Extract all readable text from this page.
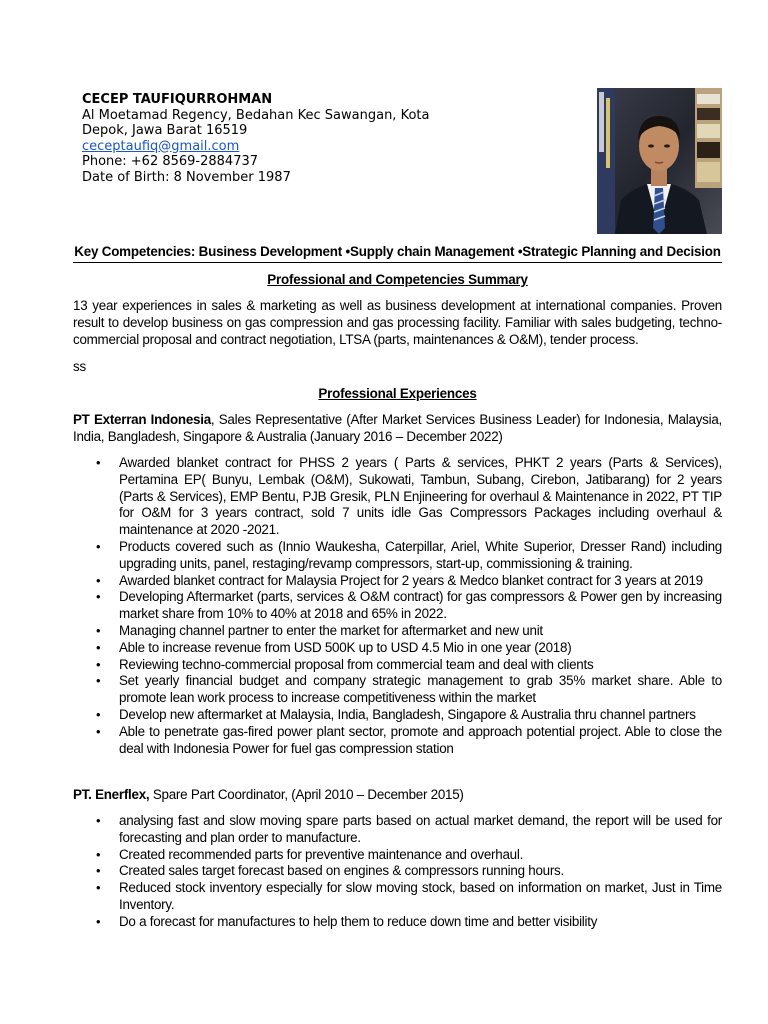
CECEP TAUFIQURROHMAN
Al Moetamad Regency, Bedahan Kec Sawangan, Kota
Depok, Jawa Barat 16519
ceceptaufiq@gmail.com
Phone: +62 8569-2884737
Date of Birth: 8 November 1987
Key Competencies: Business Development •Supply chain Management •Strategic Planning and Decision
Professional and Competencies Summary
13 year experiences in sales & marketing as well as business development at international companies. Proven result to develop business on gas compression and gas processing facility. Familiar with sales budgeting, techno-commercial proposal and contract negotiation, LTSA (parts, maintenances & O&M), tender process.
ss
Professional Experiences
PT Exterran Indonesia, Sales Representative (After Market Services Business Leader) for Indonesia, Malaysia, India, Bangladesh, Singapore & Australia (January 2016 – December 2022)
• Awarded blanket contract for PHSS 2 years ( Parts & services, PHKT 2 years (Parts & Services), Pertamina EP( Bunyu, Lembak (O&M), Sukowati, Tambun, Subang, Cirebon, Jatibarang) for 2 years (Parts & Services), EMP Bentu, PJB Gresik, PLN Enjineering for overhaul & Maintenance in 2022, PT TIP for O&M for 3 years contract, sold 7 units idle Gas Compressors Packages including overhaul & maintenance at 2020 -2021.
• Products covered such as (Innio Waukesha, Caterpillar, Ariel, White Superior, Dresser Rand) including upgrading units, panel, restaging/revamp compressors, start-up, commissioning & training.
• Awarded blanket contract for Malaysia Project for 2 years & Medco blanket contract for 3 years at 2019
• Developing Aftermarket (parts, services & O&M contract) for gas compressors & Power gen by increasing market share from 10% to 40% at 2018 and 65% in 2022.
• Managing channel partner to enter the market for aftermarket and new unit
• Able to increase revenue from USD 500K up to USD 4.5 Mio in one year (2018)
• Reviewing techno-commercial proposal from commercial team and deal with clients
• Set yearly financial budget and company strategic management to grab 35% market share. Able to promote lean work process to increase competitiveness within the market
• Develop new aftermarket at Malaysia, India, Bangladesh, Singapore & Australia thru channel partners
• Able to penetrate gas-fired power plant sector, promote and approach potential project. Able to close the deal with Indonesia Power for fuel gas compression station
PT. Enerflex, Spare Part Coordinator, (April 2010 – December 2015)
• analysing fast and slow moving spare parts based on actual market demand, the report will be used for forecasting and plan order to manufacture.
• Created recommended parts for preventive maintenance and overhaul.
• Created sales target forecast based on engines & compressors running hours.
• Reduced stock inventory especially for slow moving stock, based on information on market, Just in Time Inventory.
• Do a forecast for manufactures to help them to reduce down time and better visibility
